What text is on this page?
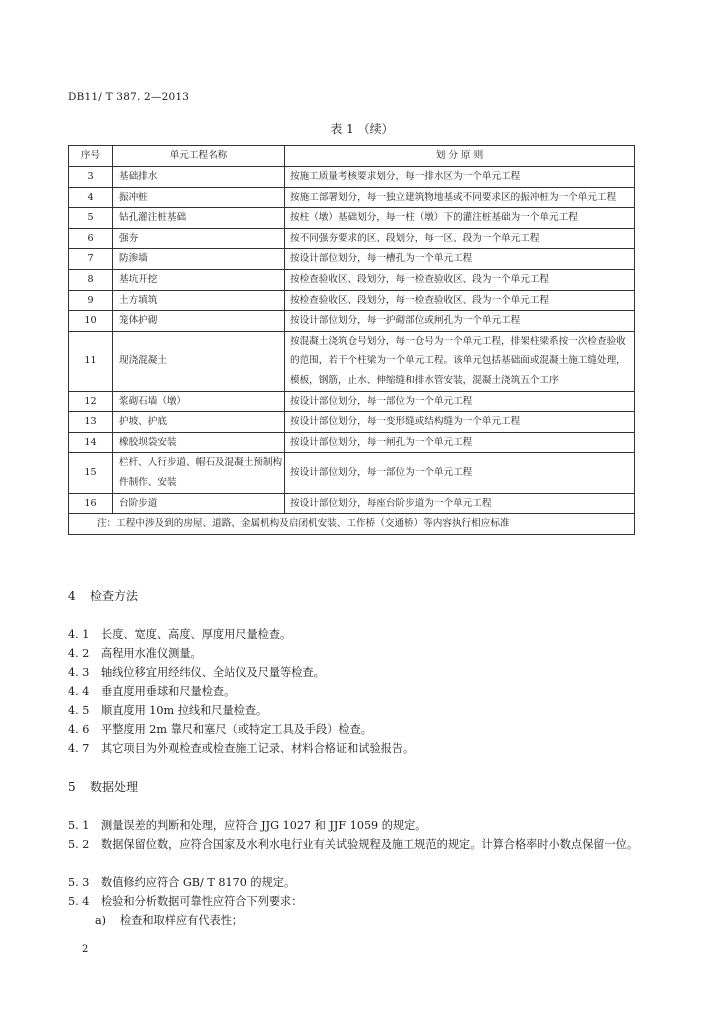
DB11/ T 387. 2—2013
表 1 （续）
序号	单元工程名称	划 分 原 则
3	基础排水	按施工质量考核要求划分，每一排水区为一个单元工程
4	振冲桩	按施工部署划分，每一独立建筑物地基或不同要求区的振冲桩为一个单元工程
5	钻孔灌注桩基础	按柱（墩）基础划分，每一柱（墩）下的灌注桩基础为一个单元工程
6	强夯	按不同强夯要求的区、段划分，每一区、段为一个单元工程
7	防渗墙	按设计部位划分，每一槽孔为一个单元工程
8	基坑开挖	按检查验收区、段划分，每一检查验收区、段为一个单元工程
9	土方填筑	按检查验收区、段划分，每一检查验收区、段为一个单元工程
10	笼体护砌	按设计部位划分，每一护砌部位或闸孔为一个单元工程
11	现浇混凝土	按混凝土浇筑仓号划分，每一仓号为一个单元工程，排架柱梁系按一次检查验收的范围，若干个柱梁为一个单元工程。该单元包括基础面或混凝土施工缝处理，模板，钢筋，止水、伸缩缝和排水管安装，混凝土浇筑五个工序
12	浆砌石墙（墩）	按设计部位划分，每一部位为一个单元工程
13	护坡、护底	按设计部位划分，每一变形缝或结构缝为一个单元工程
14	橡胶坝袋安装	按设计部位划分，每一闸孔为一个单元工程
15	栏杆、人行步道、帽石及混凝土预制构件制作、安装	按设计部位划分，每一部位为一个单元工程
16	台阶步道	按设计部位划分，每座台阶步道为一个单元工程
注：工程中涉及到的房屋、道路、金属机构及启闭机安装、工作桥（交通桥）等内容执行相应标准		
4 检查方法
4. 1 长度、宽度、高度、厚度用尺量检查。
4. 2 高程用水准仪测量。
4. 3 轴线位移宜用经纬仪、全站仪及尺量等检查。
4. 4 垂直度用垂球和尺量检查。
4. 5 顺直度用 10m 拉线和尺量检查。
4. 6 平整度用 2m 靠尺和塞尺（或特定工具及手段）检查。
4. 7 其它项目为外观检查或检查施工记录、材料合格证和试验报告。
5 数据处理
5. 1 测量误差的判断和处理，应符合 JJG 1027 和 JJF 1059 的规定。
5. 2 数据保留位数，应符合国家及水利水电行业有关试验规程及施工规范的规定。计算合格率时小数点保留一位。
5. 3 数值修约应符合 GB/ T 8170 的规定。
5. 4 检验和分析数据可靠性应符合下列要求：
a) 检查和取样应有代表性；
2
